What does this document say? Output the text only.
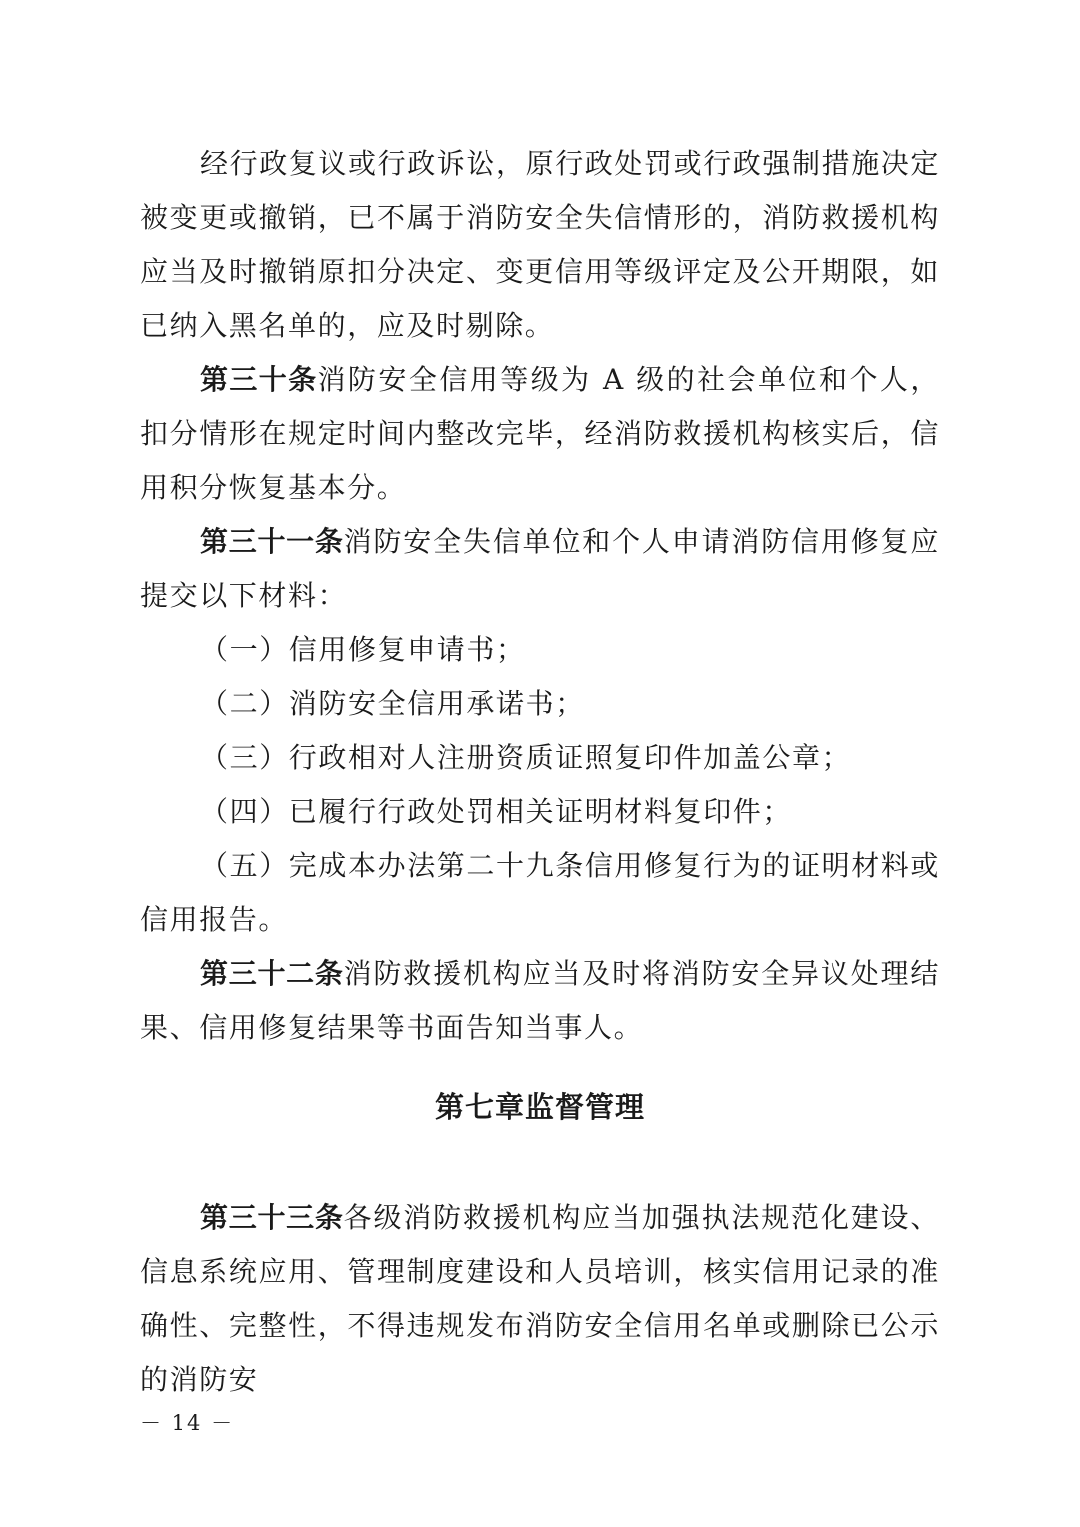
经行政复议或行政诉讼，原行政处罚或行政强制措施决定被变更或撤销，已不属于消防安全失信情形的，消防救援机构应当及时撤销原扣分决定、变更信用等级评定及公开期限，如已纳入黑名单的，应及时剔除。

第三十条消防安全信用等级为 A 级的社会单位和个人，扣分情形在规定时间内整改完毕，经消防救援机构核实后，信用积分恢复基本分。

第三十一条消防安全失信单位和个人申请消防信用修复应提交以下材料：

（一）信用修复申请书；

（二）消防安全信用承诺书；

（三）行政相对人注册资质证照复印件加盖公章；

（四）已履行行政处罚相关证明材料复印件；

（五）完成本办法第二十九条信用修复行为的证明材料或信用报告。

第三十二条消防救援机构应当及时将消防安全异议处理结果、信用修复结果等书面告知当事人。

第七章监督管理

第三十三条各级消防救援机构应当加强执法规范化建设、信息系统应用、管理制度建设和人员培训，核实信用记录的准确性、完整性，不得违规发布消防安全信用名单或删除已公示的消防安

－ 14 －
